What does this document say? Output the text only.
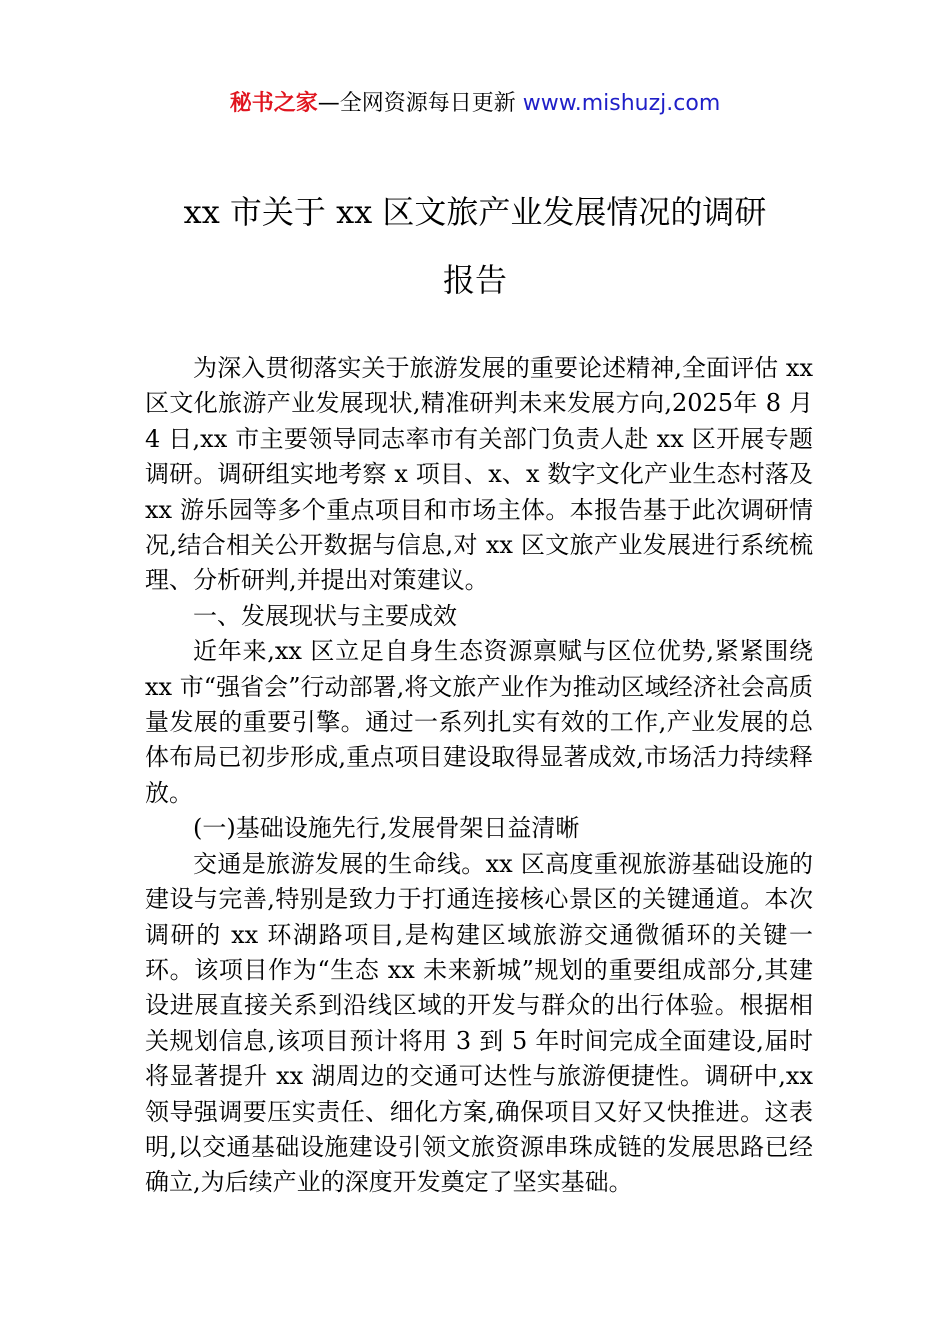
秘书之家—全网资源每日更新 www.mishuzj.com
xx 市关于 xx 区文旅产业发展情况的调研
报告

为深入贯彻落实关于旅游发展的重要论述精神,全面评估 xx 区文化旅游产业发展现状,精准研判未来发展方向,2025年 8 月 4 日,xx 市主要领导同志率市有关部门负责人赴 xx 区开展专题调研。调研组实地考察 x 项目、x、x 数字文化产业生态村落及 xx 游乐园等多个重点项目和市场主体。本报告基于此次调研情况,结合相关公开数据与信息,对 xx 区文旅产业发展进行系统梳理、分析研判,并提出对策建议。

一、发展现状与主要成效

近年来,xx 区立足自身生态资源禀赋与区位优势,紧紧围绕 xx 市“强省会”行动部署,将文旅产业作为推动区域经济社会高质量发展的重要引擎。通过一系列扎实有效的工作,产业发展的总体布局已初步形成,重点项目建设取得显著成效,市场活力持续释放。

(一)基础设施先行,发展骨架日益清晰

交通是旅游发展的生命线。xx 区高度重视旅游基础设施的建设与完善,特别是致力于打通连接核心景区的关键通道。本次调研的 xx 环湖路项目,是构建区域旅游交通微循环的关键一环。该项目作为“生态 xx 未来新城”规划的重要组成部分,其建设进展直接关系到沿线区域的开发与群众的出行体验。根据相关规划信息,该项目预计将用 3 到 5 年时间完成全面建设,届时将显著提升 xx 湖周边的交通可达性与旅游便捷性。调研中,xx 领导强调要压实责任、细化方案,确保项目又好又快推进。这表明,以交通基础设施建设引领文旅资源串珠成链的发展思路已经确立,为后续产业的深度开发奠定了坚实基础。
